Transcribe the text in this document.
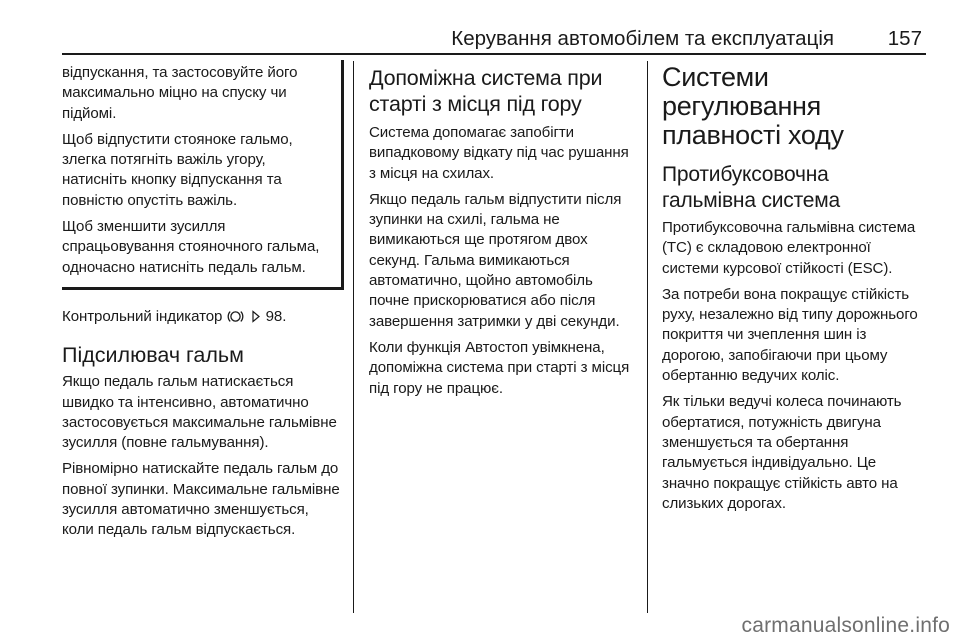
Керування автомобілем та експлуатація	157
відпускання, та застосовуйте його максимально міцно на спуску чи підйомі.
Щоб відпустити стояноке гальмо, злегка потягніть важіль угору, натисніть кнопку відпускання та повністю опустіть важіль.
Щоб зменшити зусилля спрацьовування стояночного гальма, одночасно натисніть педаль гальм.
Контрольний індикатор	98.
Підсилювач гальм
Якщо педаль гальм натискається швидко та інтенсивно, автоматично застосовується максимальне гальмівне зусилля (повне гальмування).
Рівномірно натискайте педаль гальм до повної зупинки. Максимальне гальмівне зусилля автоматично зменшується, коли педаль гальм відпускається.
Допоміжна система при старті з місця під гору
Система допомагає запобігти випадковому відкату під час рушання з місця на схилах.
Якщо педаль гальм відпустити після зупинки на схилі, гальма не вимикаються ще протягом двох секунд. Гальма вимикаються автоматично, щойно автомобіль почне прискорюватися або після завершення затримки у дві секунди.
Коли функція Автостоп увімкнена, допоміжна система при старті з місця під гору не працює.
Системи регулювання плавності ходу
Протибуксовочна гальмівна система
Протибуксовочна гальмівна система (ТС) є складовою електронної системи курсової стійкості (ESC).
За потреби вона покращує стійкість руху, незалежно від типу дорожнього покриття чи зчеплення шин із дорогою, запобігаючи при цьому обертанню ведучих коліс.
Як тільки ведучі колеса починають обертатися, потужність двигуна зменшується та обертання гальмується індивідуально. Це значно покращує стійкість авто на слизьких дорогах.
carmanualsonline.info
